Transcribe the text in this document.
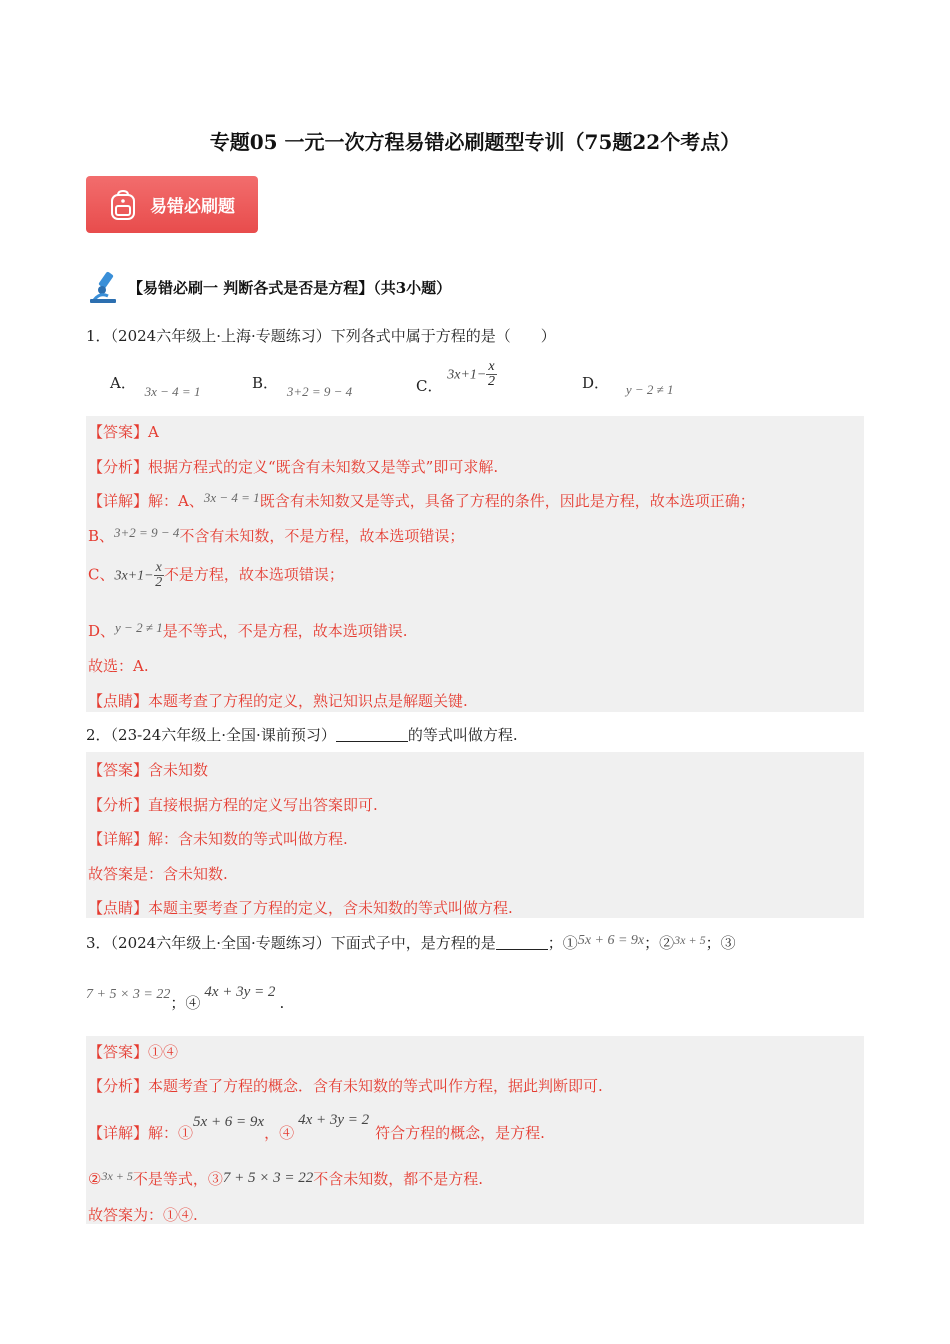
专题05 一元一次方程易错必刷题型专训（75题22个考点）
易错必刷题
【易错必刷一 判断各式是否是方程】（共3小题）
1．（2024六年级上·上海·专题练习）下列各式中属于方程的是（　　）
A． 3x − 4 = 1	B． 3+2 = 9 − 4	C． $3x+1- \frac{x}{2}$	D． y − 2 ≠ 1
【答案】A
【分析】根据方程式的定义“既含有未知数又是等式”即可求解.
【详解】解：A、3x − 4 = 1既含有未知数又是等式，具备了方程的条件，因此是方程，故本选项正确；
B、3+2 = 9 − 4不含有未知数，不是方程，故本选项错误；
C、$3x+1- \frac{x}{2}$ 不是方程，故本选项错误；
D、y − 2 ≠ 1是不等式，不是方程，故本选项错误.
故选：A.
【点睛】本题考查了方程的定义，熟记知识点是解题关键.
2．（23-24六年级上·全国·课前预习）	的等式叫做方程.
【答案】含未知数
【分析】直接根据方程的定义写出答案即可.
【详解】解：含未知数的等式叫做方程.
故答案是：含未知数.
【点睛】本题主要考查了方程的定义，含未知数的等式叫做方程.
3．（2024六年级上·全国·专题练习）下面式子中，是方程的是	；①5x + 6 = 9x；②$^{3x + 5}$；③
7 + 5 × 3 = 22；④4x + 3y = 2.
【答案】①④
【分析】本题考查了方程的概念．含有未知数的等式叫作方程，据此判断即可.
【详解】解：①5x + 6 = 9x，④4x + 3y = 2符合方程的概念，是方程.
②$^{3x + 5}$不是等式，③7 + 5 × 3 = 22不含未知数，都不是方程.
故答案为：①④.
